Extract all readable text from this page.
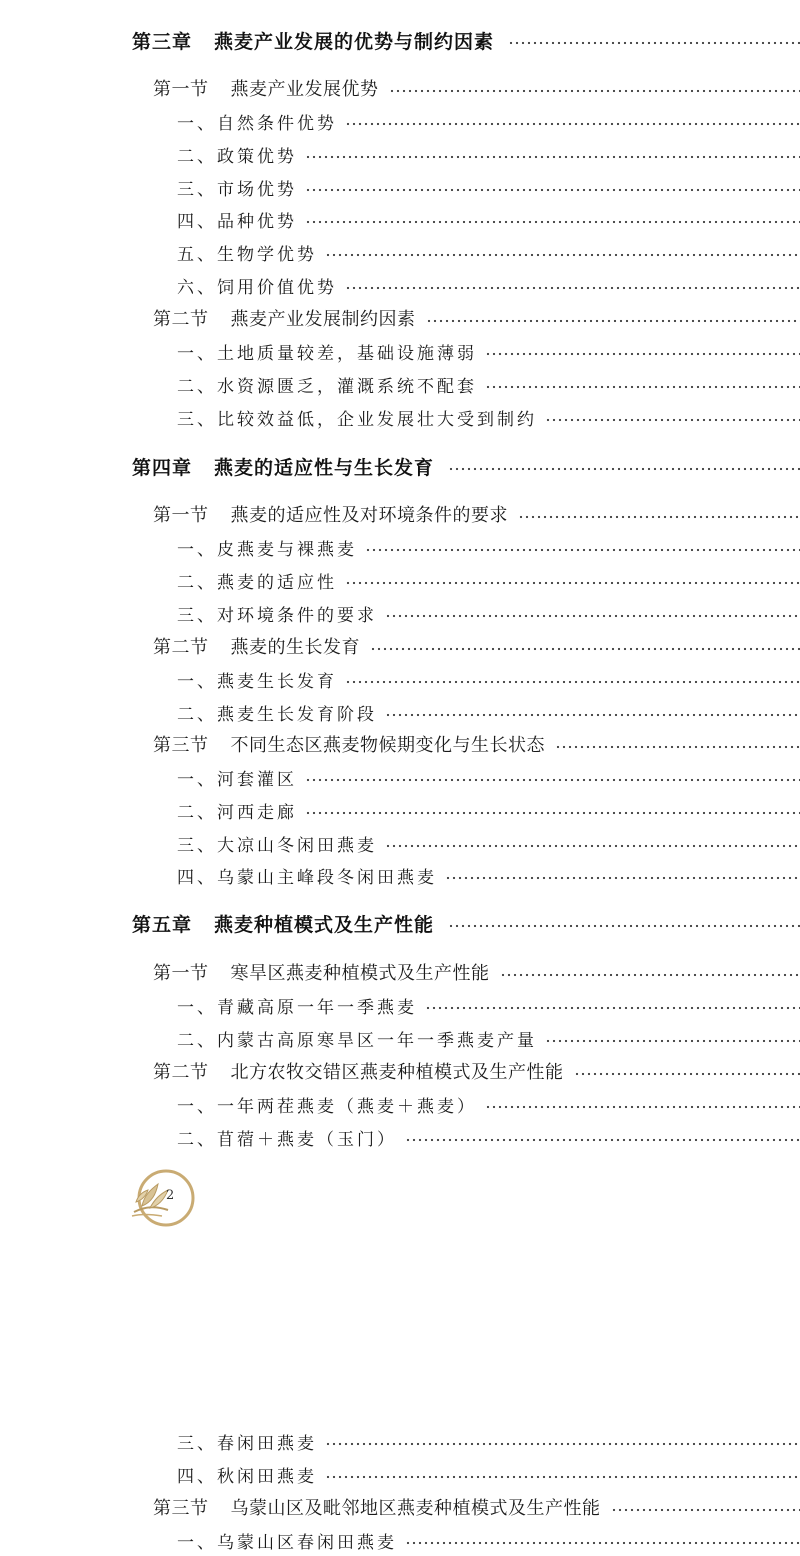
第三章 燕麦产业发展的优势与制约因素
第一节 燕麦产业发展优势
一、自然条件优势
二、政策优势
三、市场优势
四、品种优势
五、生物学优势
六、饲用价值优势
第二节 燕麦产业发展制约因素
一、土地质量较差，基础设施薄弱
二、水资源匮乏，灌溉系统不配套
三、比较效益低，企业发展壮大受到制约
第四章 燕麦的适应性与生长发育
第一节 燕麦的适应性及对环境条件的要求
一、皮燕麦与裸燕麦
二、燕麦的适应性
三、对环境条件的要求
第二节 燕麦的生长发育
一、燕麦生长发育
二、燕麦生长发育阶段
第三节 不同生态区燕麦物候期变化与生长状态
一、河套灌区
二、河西走廊
三、大凉山冬闲田燕麦
四、乌蒙山主峰段冬闲田燕麦
第五章 燕麦种植模式及生产性能
第一节 寒旱区燕麦种植模式及生产性能
一、青藏高原一年一季燕麦
二、内蒙古高原寒旱区一年一季燕麦产量
第二节 北方农牧交错区燕麦种植模式及生产性能
一、一年两茬燕麦（燕麦＋燕麦）
二、苜蓿＋燕麦（玉门）
三、春闲田燕麦
四、秋闲田燕麦
第三节 乌蒙山区及毗邻地区燕麦种植模式及生产性能
一、乌蒙山区春闲田燕麦
2
